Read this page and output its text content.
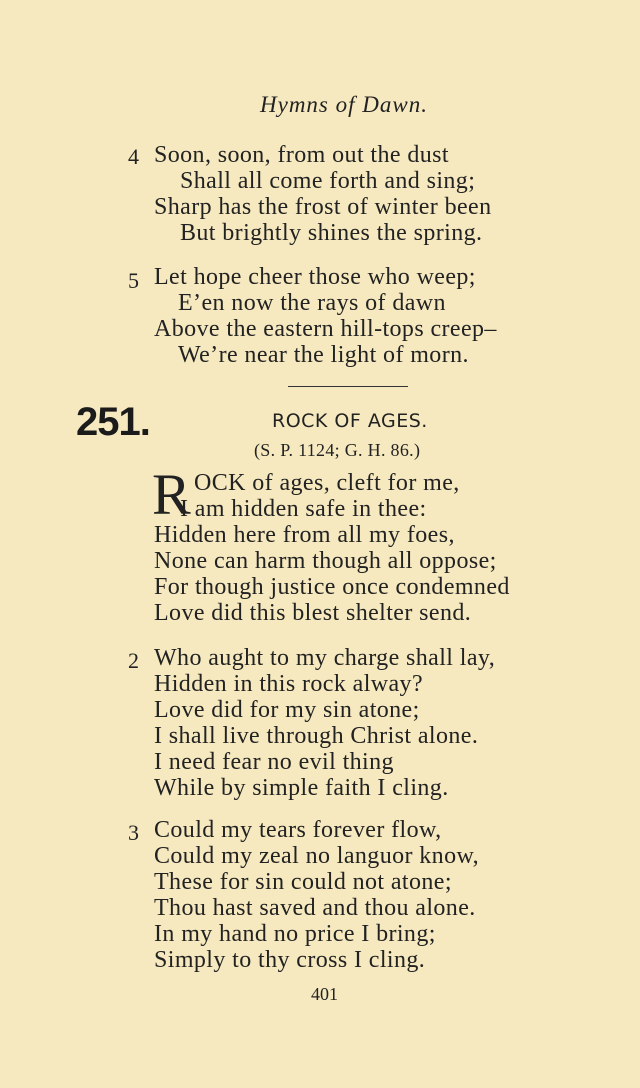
Hymns of Dawn.
4 Soon, soon, from out the dust
Shall all come forth and sing;
Sharp has the frost of winter been
But brightly shines the spring.
5 Let hope cheer those who weep;
E’en now the rays of dawn
Above the eastern hill-tops creep–
We’re near the light of morn.
251.	ROCK OF AGES.
(S. P. 1124; G. H. 86.)
R OCK of ages, cleft for me,
I am hidden safe in thee:
Hidden here from all my foes,
None can harm though all oppose;
For though justice once condemned
Love did this blest shelter send.
2 Who aught to my charge shall lay,
Hidden in this rock alway?
Love did for my sin atone;
I shall live through Christ alone.
I need fear no evil thing
While by simple faith I cling.
3 Could my tears forever flow,
Could my zeal no languor know,
These for sin could not atone;
Thou hast saved and thou alone.
In my hand no price I bring;
Simply to thy cross I cling.
401
